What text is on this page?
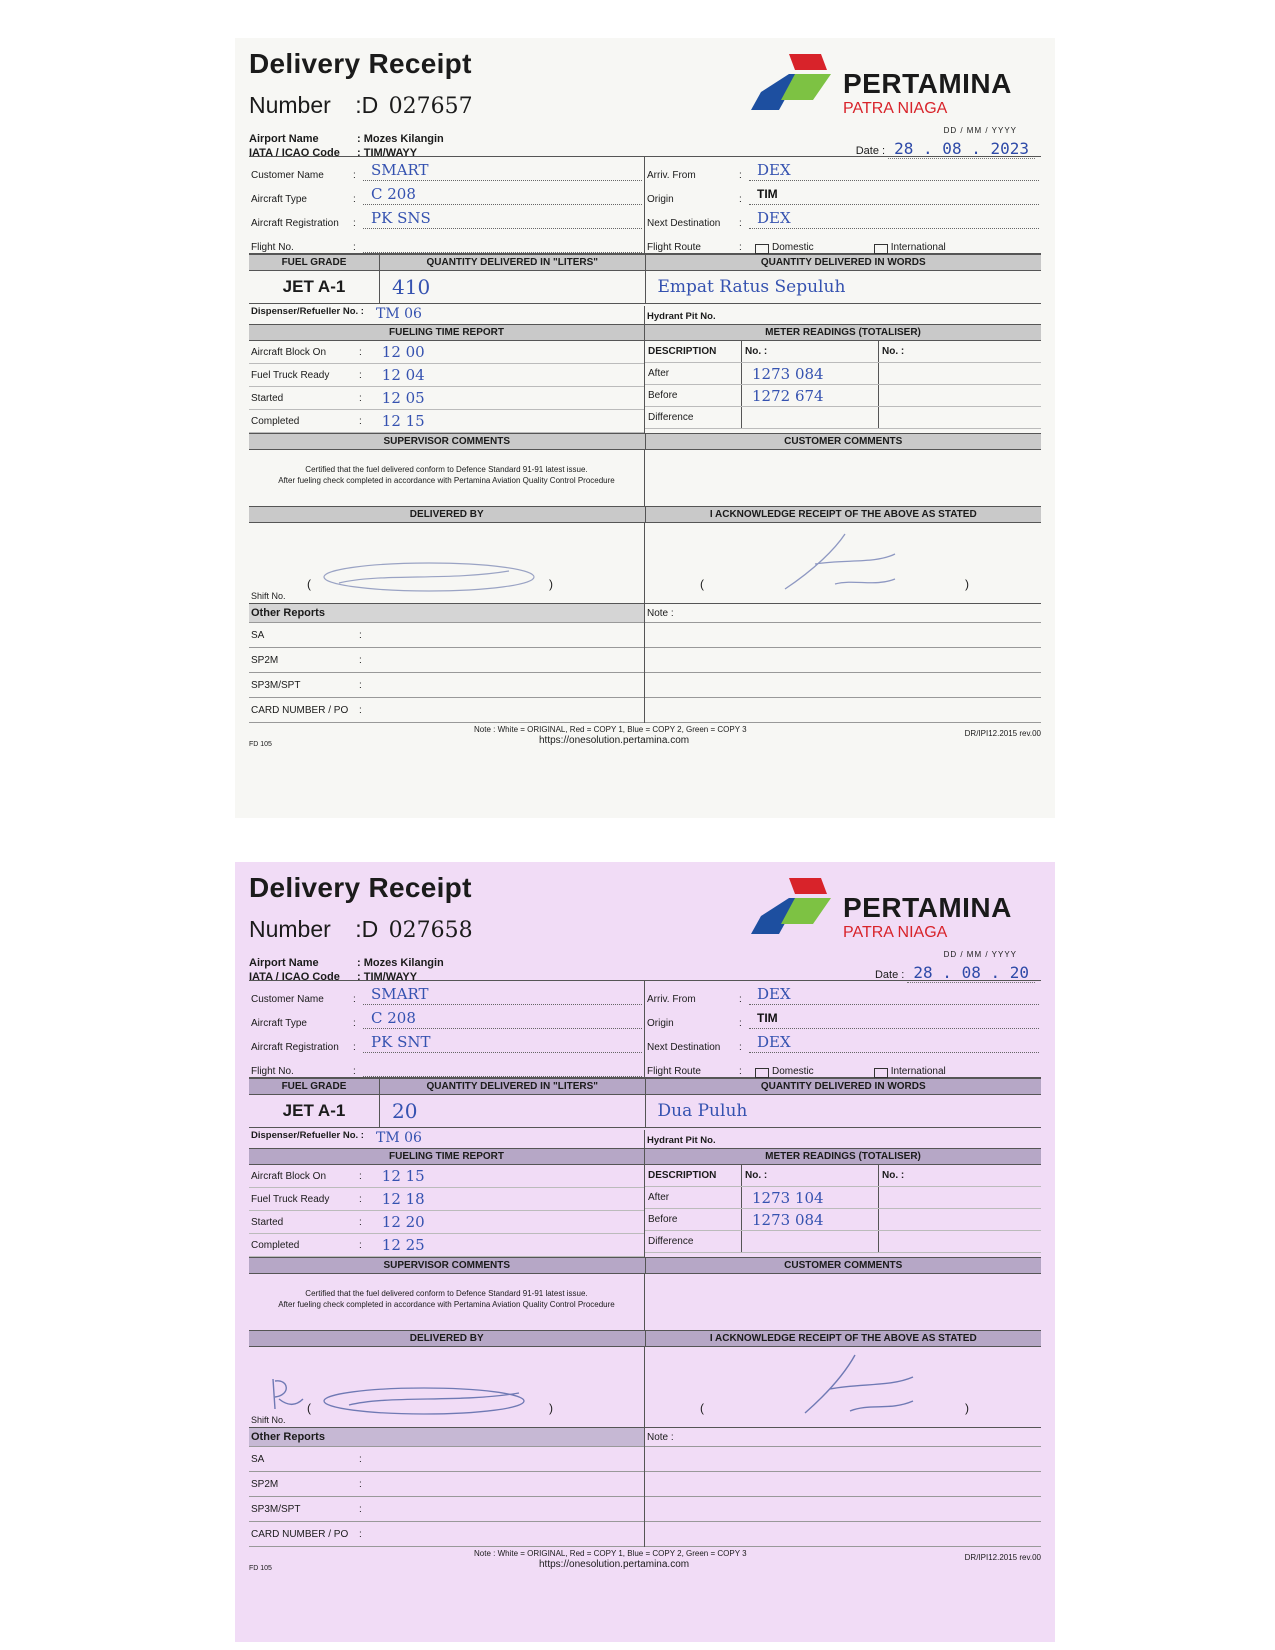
Delivery Receipt
Number :D 027657
Airport Name	: Mozes Kilangin
IATA / ICAO Code : TIM/WAYY
PERTAMINA
PATRA NIAGA
DD / MM / YYYY
Date : 28 . 08 . 2023
Customer Name	:	SMART
Aircraft Type	:	C 208
Aircraft Registration	:	PK SNS
Flight No.	:
Arriv. From	:	DEX
Origin	:	TIM
Next Destination	:	DEX
Flight Route	:	Domestic	International
FUEL GRADE	QUANTITY DELIVERED IN "LITERS"
JET A-1	410
QUANTITY DELIVERED IN WORDS
Empat Ratus Sepuluh
Dispenser/Refueller No. : TM 06	Hydrant Pit No.
FUELING TIME REPORT
Aircraft Block On	: 12 00
Fuel Truck Ready	: 12 04
Started	: 12 05
Completed	: 12 15
METER READINGS (TOTALISER)
DESCRIPTION	No. :	No. :
After	1273 084	
Before	1272 674	
Difference		
SUPERVISOR COMMENTS	CUSTOMER COMMENTS
Certified that the fuel delivered conform to Defence Standard 91-91 latest issue.
After fueling check completed in accordance with Pertamina Aviation Quality Control Procedure
DELIVERED BY	I ACKNOWLEDGE RECEIPT OF THE ABOVE AS STATED
(	)
Shift No.
(	)
Other Reports
SA	:
SP2M	:
SP3M/SPT	:
CARD NUMBER / PO	:
Note :
Note : White = ORIGINAL, Red = COPY 1, Blue = COPY 2, Green = COPY 3
https://onesolution.pertamina.com
FD 105
DR/IPI12.2015 rev.00
Delivery Receipt
Number :D 027658
Airport Name	: Mozes Kilangin
IATA / ICAO Code : TIM/WAYY
PERTAMINA
PATRA NIAGA
DD / MM / YYYY
Date : 28 . 08 . 20
Customer Name	:	SMART
Aircraft Type	:	C 208
Aircraft Registration	:	PK SNT
Flight No.	:
Arriv. From	:	DEX
Origin	:	TIM
Next Destination	:	DEX
Flight Route	:	Domestic	International
FUEL GRADE	QUANTITY DELIVERED IN "LITERS"
JET A-1	20
QUANTITY DELIVERED IN WORDS
Dua Puluh
Dispenser/Refueller No. : TM 06	Hydrant Pit No.
FUELING TIME REPORT
Aircraft Block On	: 12 15
Fuel Truck Ready	: 12 18
Started	: 12 20
Completed	: 12 25
METER READINGS (TOTALISER)
DESCRIPTION	No. :	No. :
After	1273 104	
Before	1273 084	
Difference		
SUPERVISOR COMMENTS	CUSTOMER COMMENTS
Certified that the fuel delivered conform to Defence Standard 91-91 latest issue.
After fueling check completed in accordance with Pertamina Aviation Quality Control Procedure
DELIVERED BY	I ACKNOWLEDGE RECEIPT OF THE ABOVE AS STATED
(	)
Shift No.
(	)
Other Reports
SA	:
SP2M	:
SP3M/SPT	:
CARD NUMBER / PO	:
Note :
Note : White = ORIGINAL, Red = COPY 1, Blue = COPY 2, Green = COPY 3
https://onesolution.pertamina.com
FD 105
DR/IPI12.2015 rev.00
